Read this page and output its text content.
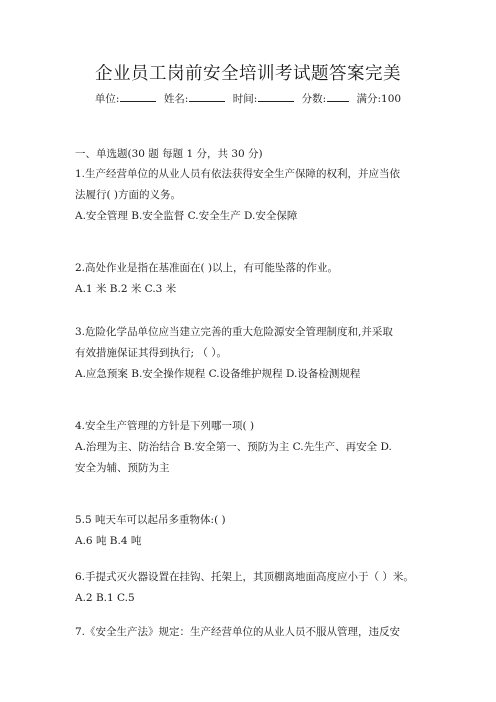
企业员工岗前安全培训考试题答案完美
单位:	姓名:	时间:	分数:	满分:100
一、单选题(30 题 每题 1 分，共 30 分)

1.生产经营单位的从业人员有依法获得安全生产保障的权利，并应当依

法履行( )方面的义务。

A.安全管理 B.安全监督 C.安全生产 D.安全保障

2.高处作业是指在基准面在( )以上，有可能坠落的作业。

A.1 米 B.2 米 C.3 米

3.危险化学品单位应当建立完善的重大危险源安全管理制度和,并采取

有效措施保证其得到执行; （ ）。

A.应急预案 B.安全操作规程 C.设备维护规程 D.设备检测规程

4.安全生产管理的方针是下列哪一项( )

A.治理为主、防治结合 B.安全第一、预防为主 C.先生产、再安全 D.

安全为辅、预防为主

5.5 吨天车可以起吊多重物体:( )

A.6 吨 B.4 吨

6.手提式灭火器设置在挂钩、托架上，其顶棚离地面高度应小于（ ）米。

A.2 B.1 C.5

7.《安全生产法》规定：生产经营单位的从业人员不服从管理，违反安
